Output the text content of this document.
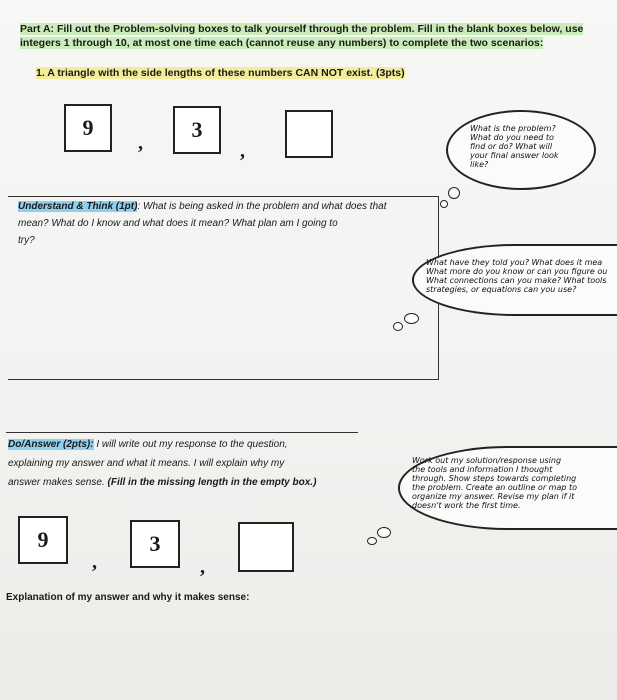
Part A: Fill out the Problem-solving boxes to talk yourself through the problem. Fill in the blank boxes below, use
integers 1 through 10, at most one time each (cannot reuse any numbers) to complete the two scenarios:
1. A triangle with the side lengths of these numbers CAN NOT exist. (3pts)
9
,
3
,
What is the problem?
What do you need to
find or do? What will
your final answer look
like?
Understand & Think (1pt): What is being asked in the problem and what does that
mean? What do I know and what does it mean? What plan am I going to
try?
What have they told you? What does it mea
What more do you know or can you figure ou
What connections can you make? What tools
strategies, or equations can you use?
Do/Answer (2pts): I will write out my response to the question,
explaining my answer and what it means. I will explain why my
answer makes sense. (Fill in the missing length in the empty box.)
Work out my solution/response using
the tools and information I thought
through. Show steps towards completing
the problem. Create an outline or map to
organize my answer. Revise my plan if it
doesn't work the first time.
9
,
3
,
Explanation of my answer and why it makes sense:
